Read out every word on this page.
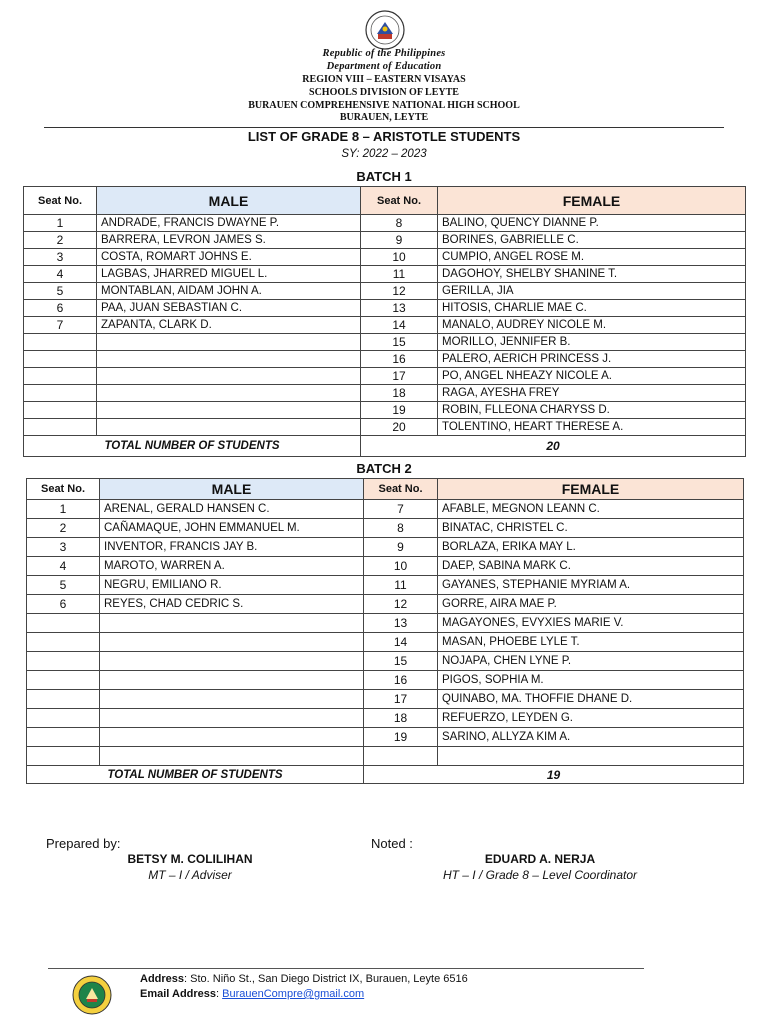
Republic of the Philippines
Department of Education
REGION VIII – EASTERN VISAYAS
SCHOOLS DIVISION OF LEYTE
BURAUEN COMPREHENSIVE NATIONAL HIGH SCHOOL
BURAUEN, LEYTE
LIST OF GRADE 8 – ARISTOTLE STUDENTS
SY: 2022 – 2023
BATCH 1
Seat No.	MALE	Seat No.	FEMALE
1	ANDRADE, FRANCIS DWAYNE P.	8	BALINO, QUENCY DIANNE P.
2	BARRERA, LEVRON JAMES S.	9	BORINES, GABRIELLE C.
3	COSTA, ROMART JOHNS E.	10	CUMPIO, ANGEL ROSE M.
4	LAGBAS, JHARRED MIGUEL L.	11	DAGOHOY, SHELBY SHANINE T.
5	MONTABLAN, AIDAM JOHN A.	12	GERILLA, JIA
6	PAA, JUAN SEBASTIAN C.	13	HITOSIS, CHARLIE MAE C.
7	ZAPANTA, CLARK D.	14	MANALO, AUDREY NICOLE M.
		15	MORILLO, JENNIFER B.
		16	PALERO, AERICH PRINCESS J.
		17	PO, ANGEL NHEAZY NICOLE A.
		18	RAGA, AYESHA FREY
		19	ROBIN, FLLEONA CHARYSS D.
		20	TOLENTINO, HEART THERESE A.
TOTAL NUMBER OF STUDENTS		20	
BATCH 2
Seat No.	MALE	Seat No.	FEMALE
1	ARENAL, GERALD HANSEN C.	7	AFABLE, MEGNON LEANN C.
2	CAÑAMAQUE, JOHN EMMANUEL M.	8	BINATAC, CHRISTEL C.
3	INVENTOR, FRANCIS JAY B.	9	BORLAZA, ERIKA MAY L.
4	MAROTO, WARREN A.	10	DAEP, SABINA MARK C.
5	NEGRU, EMILIANO R.	11	GAYANES, STEPHANIE MYRIAM A.
6	REYES, CHAD CEDRIC S.	12	GORRE, AIRA MAE P.
		13	MAGAYONES, EVYXIES MARIE V.
		14	MASAN, PHOEBE LYLE T.
		15	NOJAPA, CHEN LYNE P.
		16	PIGOS, SOPHIA M.
		17	QUINABO, MA. THOFFIE DHANE D.
		18	REFUERZO, LEYDEN G.
		19	SARINO, ALLYZA KIM A.

TOTAL NUMBER OF STUDENTS		19	
Prepared by:
BETSY M. COLILIHAN
MT – I / Adviser
Noted :
EDUARD A. NERJA
HT – I / Grade 8 – Level Coordinator
Address: Sto. Niño St., San Diego District IX, Burauen, Leyte 6516
Email Address: BurauenCompre@gmail.com
